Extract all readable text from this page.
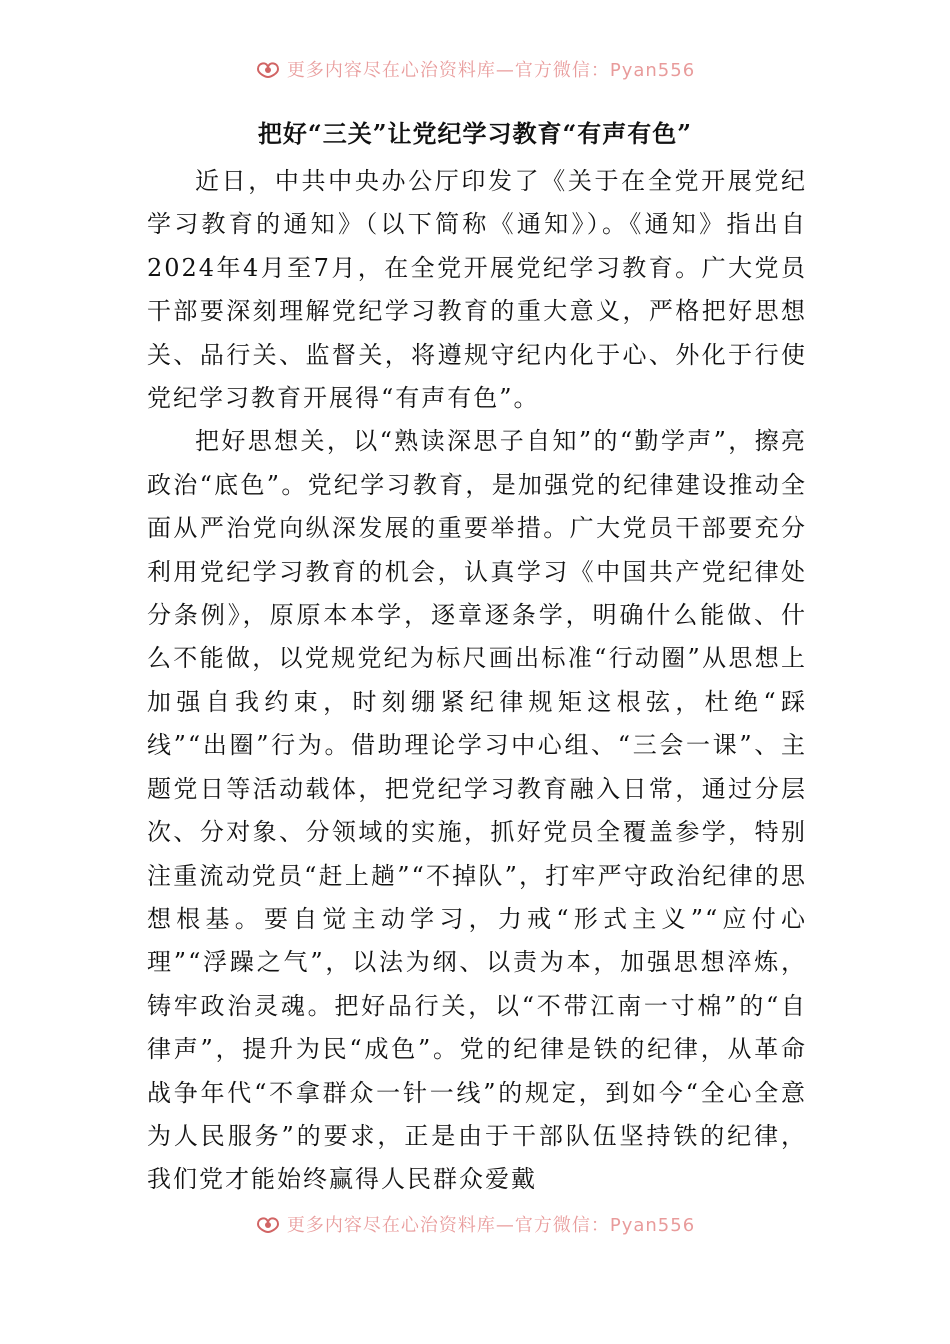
更多内容尽在心治资料库—官方微信：Pyan556
把好“三关”让党纪学习教育“有声有色”

近日，中共中央办公厅印发了《关于在全党开展党纪学习教育的通知》（以下简称《通知》）。《通知》指出自2024年4月至7月，在全党开展党纪学习教育。广大党员干部要深刻理解党纪学习教育的重大意义，严格把好思想关、品行关、监督关，将遵规守纪内化于心、外化于行使党纪学习教育开展得“有声有色”。

把好思想关，以“熟读深思子自知”的“勤学声”，擦亮政治“底色”。党纪学习教育，是加强党的纪律建设推动全面从严治党向纵深发展的重要举措。广大党员干部要充分利用党纪学习教育的机会，认真学习《中国共产党纪律处分条例》，原原本本学，逐章逐条学，明确什么能做、什么不能做，以党规党纪为标尺画出标准“行动圈”从思想上加强自我约束，时刻绷紧纪律规矩这根弦，杜绝“踩线”“出圈”行为。借助理论学习中心组、“三会一课”、主题党日等活动载体，把党纪学习教育融入日常，通过分层次、分对象、分领域的实施，抓好党员全覆盖参学，特别注重流动党员“赶上趟”“不掉队”，打牢严守政治纪律的思想根基。要自觉主动学习，力戒“形式主义”“应付心理”“浮躁之气”，以法为纲、以责为本，加强思想淬炼，铸牢政治灵魂。把好品行关，以“不带江南一寸棉”的“自律声”，提升为民“成色”。党的纪律是铁的纪律，从革命战争年代“不拿群众一针一线”的规定，到如今“全心全意为人民服务”的要求，正是由于干部队伍坚持铁的纪律，我们党才能始终赢得人民群众爱戴

更多内容尽在心治资料库—官方微信：Pyan556
